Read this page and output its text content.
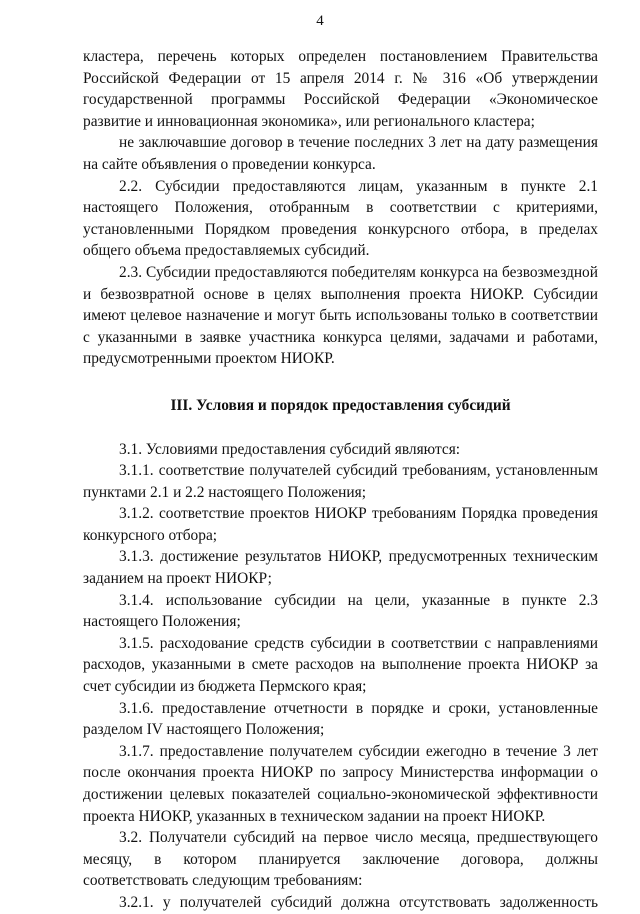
4

кластера, перечень которых определен постановлением Правительства Российской Федерации от 15 апреля 2014 г. № 316 «Об утверждении государственной программы Российской Федерации «Экономическое развитие и инновационная экономика», или регионального кластера;

не заключавшие договор в течение последних 3 лет на дату размещения на сайте объявления о проведении конкурса.

2.2. Субсидии предоставляются лицам, указанным в пункте 2.1 настоящего Положения, отобранным в соответствии с критериями, установленными Порядком проведения конкурсного отбора, в пределах общего объема предоставляемых субсидий.

2.3. Субсидии предоставляются победителям конкурса на безвозмездной и безвозвратной основе в целях выполнения проекта НИОКР. Субсидии имеют целевое назначение и могут быть использованы только в соответствии с указанными в заявке участника конкурса целями, задачами и работами, предусмотренными проектом НИОКР.

III. Условия и порядок предоставления субсидий

3.1. Условиями предоставления субсидий являются:

3.1.1. соответствие получателей субсидий требованиям, установленным пунктами 2.1 и 2.2 настоящего Положения;

3.1.2. соответствие проектов НИОКР требованиям Порядка проведения конкурсного отбора;

3.1.3. достижение результатов НИОКР, предусмотренных техническим заданием на проект НИОКР;

3.1.4. использование субсидии на цели, указанные в пункте 2.3 настоящего Положения;

3.1.5. расходование средств субсидии в соответствии с направлениями расходов, указанными в смете расходов на выполнение проекта НИОКР за счет субсидии из бюджета Пермского края;

3.1.6. предоставление отчетности в порядке и сроки, установленные разделом IV настоящего Положения;

3.1.7. предоставление получателем субсидии ежегодно в течение 3 лет после окончания проекта НИОКР по запросу Министерства информации о достижении целевых показателей социально-экономической эффективности проекта НИОКР, указанных в техническом задании на проект НИОКР.

3.2. Получатели субсидий на первое число месяца, предшествующего месяцу, в котором планируется заключение договора, должны соответствовать следующим требованиям:

3.2.1. у получателей субсидий должна отсутствовать задолженность
